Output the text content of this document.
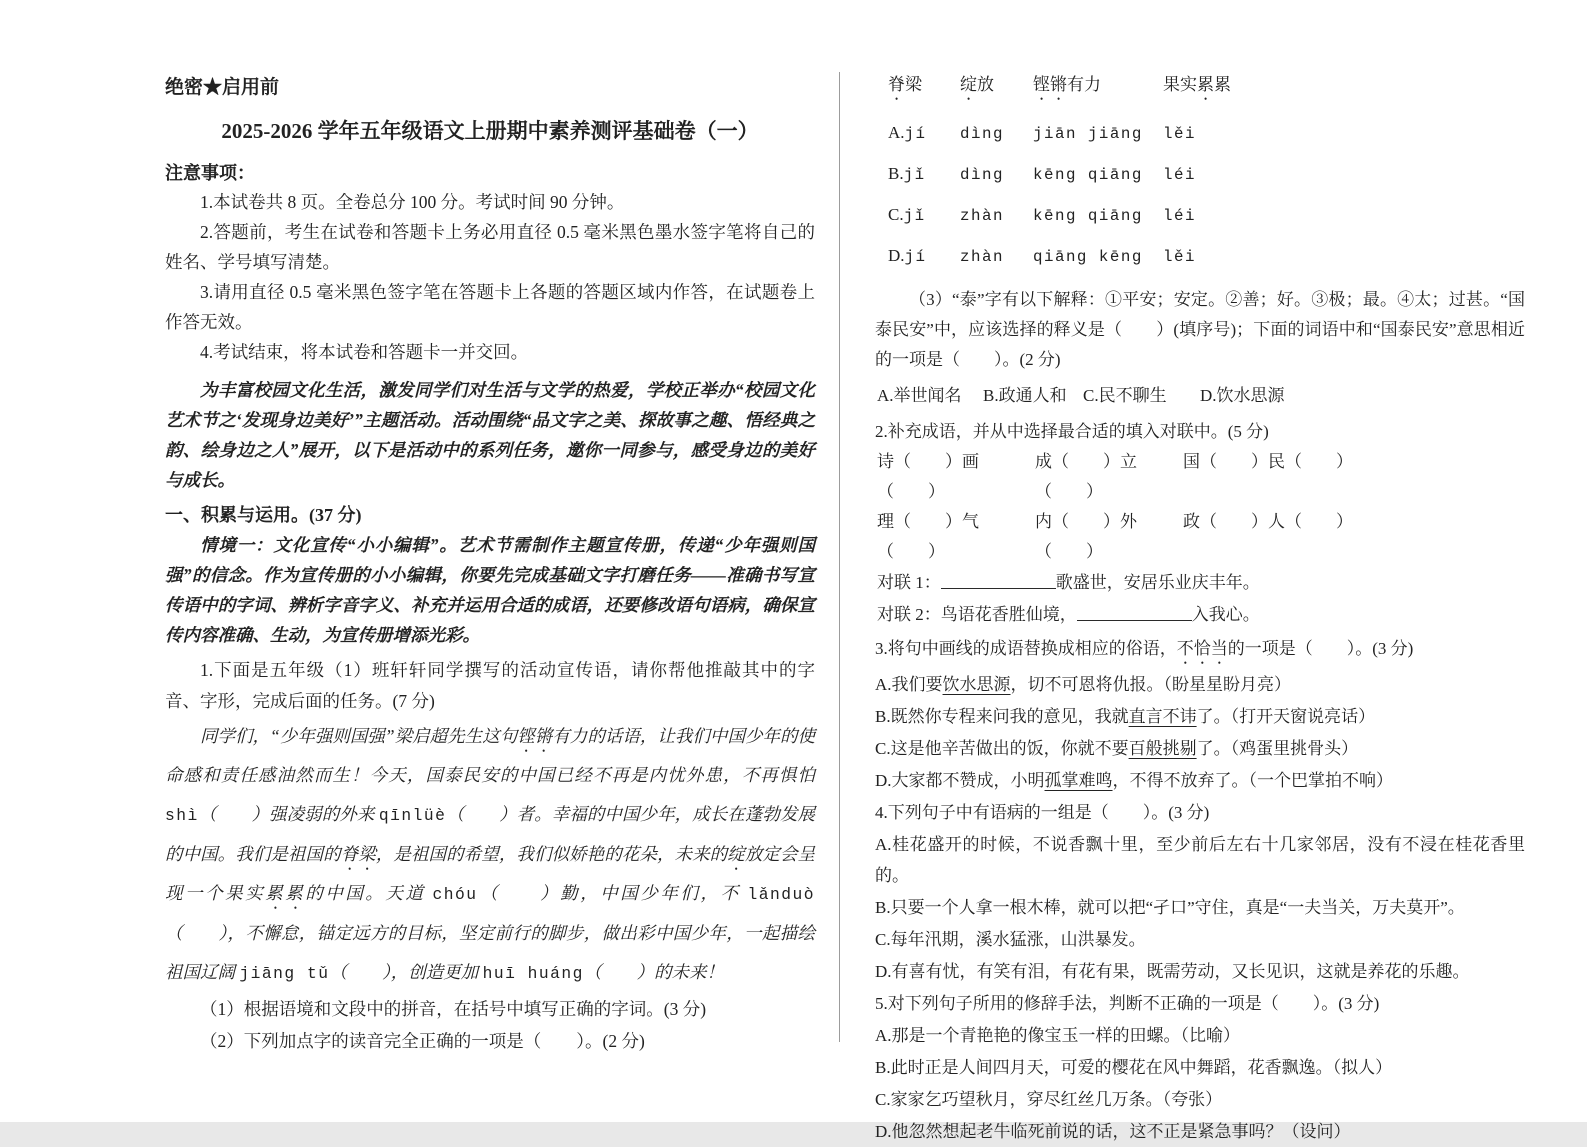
绝密★启用前
2025-2026 学年五年级语文上册期中素养测评基础卷（一）
注意事项：
1.本试卷共 8 页。全卷总分 100 分。考试时间 90 分钟。
2.答题前，考生在试卷和答题卡上务必用直径 0.5 毫米黑色墨水签字笔将自己的姓名、学号填写清楚。
3.请用直径 0.5 毫米黑色签字笔在答题卡上各题的答题区域内作答，在试题卷上作答无效。
4.考试结束，将本试卷和答题卡一并交回。

为丰富校园文化生活，激发同学们对生活与文学的热爱，学校正举办“校园文化艺术节之‘发现身边美好’”主题活动。活动围绕“品文字之美、探故事之趣、悟经典之韵、绘身边之人”展开，以下是活动中的系列任务，邀你一同参与，感受身边的美好与成长。

一、积累与运用。(37 分)

情境一：文化宣传“小小编辑”。艺术节需制作主题宣传册，传递“少年强则国强”的信念。作为宣传册的小小编辑，你要先完成基础文字打磨任务——准确书写宣传语中的字词、辨析字音字义、补充并运用合适的成语，还要修改语句语病，确保宣传内容准确、生动，为宣传册增添光彩。

1.下面是五年级（1）班轩轩同学撰写的活动宣传语，请你帮他推敲其中的字音、字形，完成后面的任务。(7 分)

同学们，“少年强则国强”梁启超先生这句铿锵有力的话语，让我们中国少年的使命感和责任感油然而生！今天，国泰民安的中国已经不再是内忧外患，不再惧怕 shì（　　）强凌弱的外来 qīnlüè（　　）者。幸福的中国少年，成长在蓬勃发展的中国。我们是祖国的脊梁，是祖国的希望，我们似娇艳的花朵，未来的绽放定会呈现一个果实累累的中国。天道 chóu（　　）勤，中国少年们，不 lǎnduò（　　），不懈怠，锚定远方的目标，坚定前行的脚步，做出彩中国少年，一起描绘祖国辽阔 jiāng tǔ（　　），创造更加 huī huáng（　　）的未来！

（1）根据语境和文段中的拼音，在括号中填写正确的字词。(3 分)

（2）下列加点字的读音完全正确的一项是（　　）。(2 分)

脊梁	绽放	铿锵有力	果实累累
A.jí	dìng	jiān jiāng	lěi
B.jǐ	dìng	kēng qiāng	léi
C.jǐ	zhàn	kēng qiāng	léi
D.jí	zhàn	qiāng kēng	lěi

（3）“泰”字有以下解释：①平安；安定。②善；好。③极；最。④太；过甚。“国泰民安”中，应该选择的释义是（　　）(填序号)；下面的词语中和“国泰民安”意思相近的一项是（　　）。(2 分)

A.举世闻名	B.政通人和 C.民不聊生	D.饮水思源

2.补充成语，并从中选择最合适的填入对联中。(5 分)

诗（　　）画（　　）
成（　　）立（　　）
国（　　）民（　　）
理（　　）气（　　）
内（　　）外（　　）
政（　　）人（　　）

对联 1：	歌盛世，安居乐业庆丰年。

对联 2：鸟语花香胜仙境，	入我心。

3.将句中画线的成语替换成相应的俗语，不恰当的一项是（　　）。(3 分)

A.我们要饮水思源，切不可恩将仇报。（盼星星盼月亮）
B.既然你专程来问我的意见，我就直言不讳了。（打开天窗说亮话）
C.这是他辛苦做出的饭，你就不要百般挑剔了。（鸡蛋里挑骨头）
D.大家都不赞成，小明孤掌难鸣，不得不放弃了。（一个巴掌拍不响）

4.下列句子中有语病的一组是（　　）。(3 分)

A.桂花盛开的时候，不说香飘十里，至少前后左右十几家邻居，没有不浸在桂花香里的。
B.只要一个人拿一根木棒，就可以把“孑口”守住，真是“一夫当关，万夫莫开”。
C.每年汛期，溪水猛涨，山洪暴发。
D.有喜有忧，有笑有泪，有花有果，既需劳动，又长见识，这就是养花的乐趣。

5.对下列句子所用的修辞手法，判断不正确的一项是（　　）。(3 分)

A.那是一个青艳艳的像宝玉一样的田螺。（比喻）
B.此时正是人间四月天，可爱的樱花在风中舞蹈，花香飘逸。（拟人）
C.家家乞巧望秋月，穿尽红丝几万条。（夸张）
D.他忽然想起老牛临死前说的话，这不正是紧急事吗？（设问）
